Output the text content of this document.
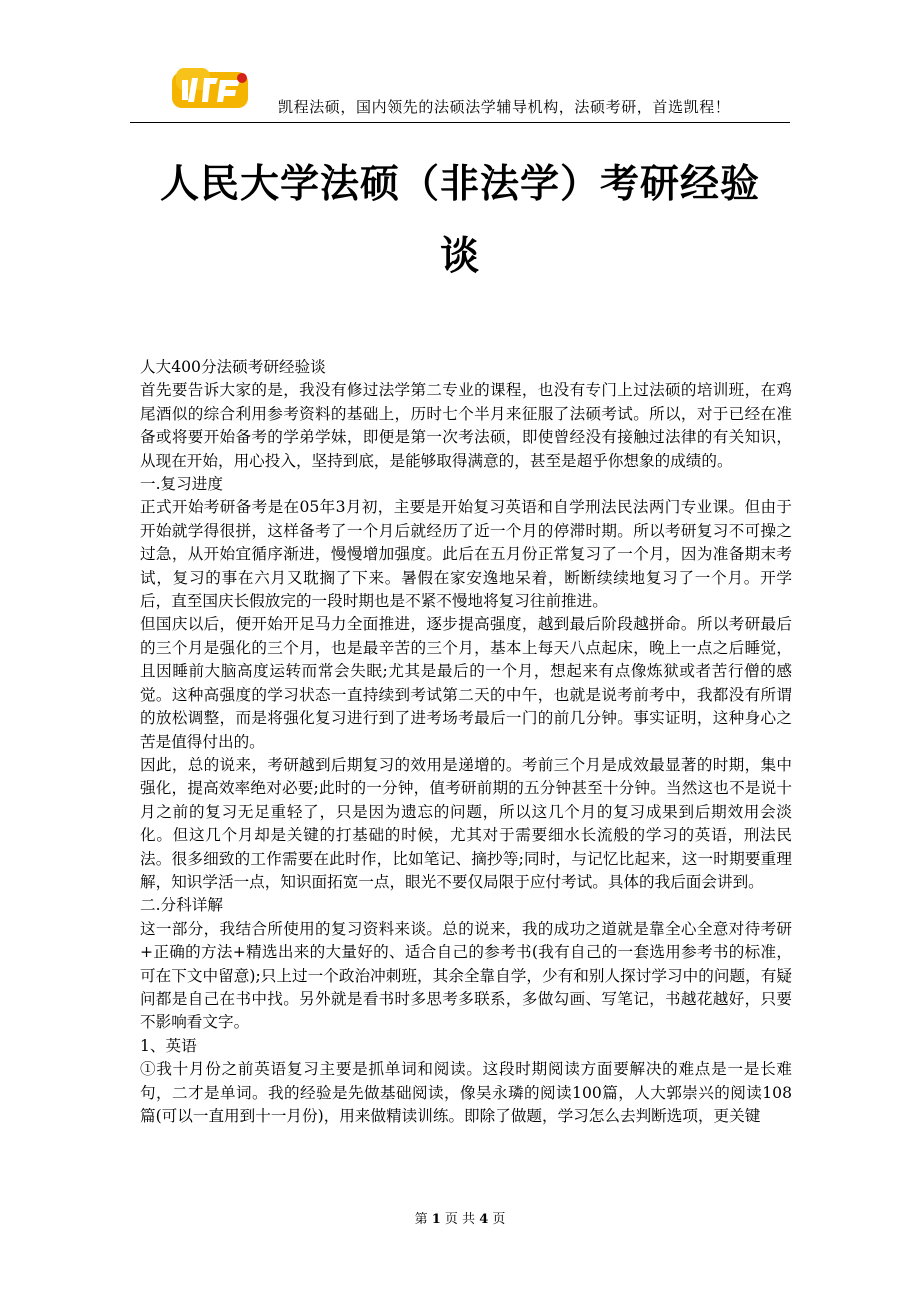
凯程法硕，国内领先的法硕法学辅导机构，法硕考研，首选凯程！
人民大学法硕（非法学）考研经验
谈

人大400分法硕考研经验谈

首先要告诉大家的是，我没有修过法学第二专业的课程，也没有专门上过法硕的培训班，在鸡尾酒似的综合利用参考资料的基础上，历时七个半月来征服了法硕考试。所以，对于已经在准备或将要开始备考的学弟学妹，即便是第一次考法硕，即使曾经没有接触过法律的有关知识，从现在开始，用心投入，坚持到底，是能够取得满意的，甚至是超乎你想象的成绩的。

一.复习进度

正式开始考研备考是在05年3月初，主要是开始复习英语和自学刑法民法两门专业课。但由于开始就学得很拼，这样备考了一个月后就经历了近一个月的停滞时期。所以考研复习不可操之过急，从开始宜循序渐进，慢慢增加强度。此后在五月份正常复习了一个月，因为准备期末考试，复习的事在六月又耽搁了下来。暑假在家安逸地呆着，断断续续地复习了一个月。开学后，直至国庆长假放完的一段时期也是不紧不慢地将复习往前推进。

但国庆以后，便开始开足马力全面推进，逐步提高强度，越到最后阶段越拼命。所以考研最后的三个月是强化的三个月，也是最辛苦的三个月，基本上每天八点起床，晚上一点之后睡觉，且因睡前大脑高度运转而常会失眠;尤其是最后的一个月，想起来有点像炼狱或者苦行僧的感觉。这种高强度的学习状态一直持续到考试第二天的中午，也就是说考前考中，我都没有所谓的放松调整，而是将强化复习进行到了进考场考最后一门的前几分钟。事实证明，这种身心之苦是值得付出的。

因此，总的说来，考研越到后期复习的效用是递增的。考前三个月是成效最显著的时期，集中强化，提高效率绝对必要;此时的一分钟，值考研前期的五分钟甚至十分钟。当然这也不是说十月之前的复习无足重轻了，只是因为遗忘的问题，所以这几个月的复习成果到后期效用会淡化。但这几个月却是关键的打基础的时候，尤其对于需要细水长流般的学习的英语，刑法民法。很多细致的工作需要在此时作，比如笔记、摘抄等;同时，与记忆比起来，这一时期要重理解，知识学活一点，知识面拓宽一点，眼光不要仅局限于应付考试。具体的我后面会讲到。

二.分科详解

这一部分，我结合所使用的复习资料来谈。总的说来，我的成功之道就是靠全心全意对待考研+正确的方法+精选出来的大量好的、适合自己的参考书(我有自己的一套选用参考书的标准，可在下文中留意);只上过一个政治冲刺班，其余全靠自学，少有和别人探讨学习中的问题，有疑问都是自己在书中找。另外就是看书时多思考多联系，多做勾画、写笔记，书越花越好，只要不影响看文字。

1、英语

①我十月份之前英语复习主要是抓单词和阅读。这段时期阅读方面要解决的难点是一是长难句，二才是单词。我的经验是先做基础阅读，像吴永璘的阅读100篇，人大郭崇兴的阅读108篇(可以一直用到十一月份)，用来做精读训练。即除了做题，学习怎么去判断选项，更关键

第 1 页 共 4 页
